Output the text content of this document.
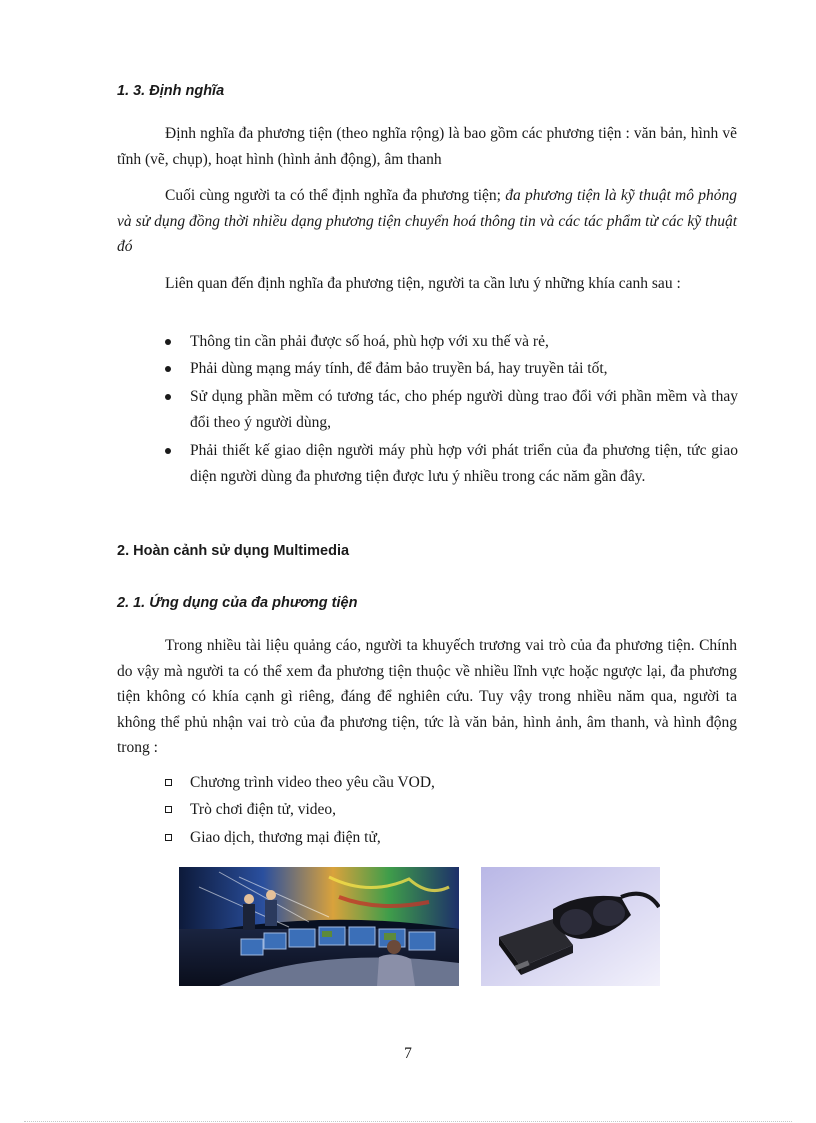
1. 3. Định nghĩa

Định nghĩa đa phương tiện (theo nghĩa rộng) là bao gồm các phương tiện : văn bản, hình vẽ tĩnh (vẽ, chụp), hoạt hình (hình ảnh động), âm thanh

Cuối cùng người ta có thể định nghĩa đa phương tiện; đa phương tiện là kỹ thuật mô phỏng và sử dụng đồng thời nhiều dạng phương tiện chuyển hoá thông tin và các tác phẩm từ các kỹ thuật đó

Liên quan đến định nghĩa đa phương tiện, người ta cần lưu ý những khía canh sau :

Thông tin cần phải được số hoá, phù hợp với xu thế và rẻ,

Phải dùng mạng máy tính, để đảm bảo truyền bá, hay truyền tải tốt,

Sử dụng phần mềm có tương tác, cho phép người dùng trao đổi với phần mềm và thay đổi theo ý người dùng,

Phải thiết kế giao diện người máy phù hợp với phát triển của đa phương tiện, tức giao diện người dùng đa phương tiện được lưu ý nhiều trong các năm gần đây.

2. Hoàn cảnh sử dụng Multimedia
2. 1. Ứng dụng của đa phương tiện

Trong nhiều tài liệu quảng cáo, người ta khuyếch trương vai trò của đa phương tiện. Chính do vậy mà người ta có thể xem đa phương tiện thuộc về nhiều lĩnh vực hoặc ngược lại, đa phương tiện không có khía cạnh gì riêng, đáng để nghiên cứu. Tuy vậy trong nhiều năm qua, người ta không thể phủ nhận vai trò của đa phương tiện, tức là văn bản, hình ảnh, âm thanh, và hình động trong :

Chương trình video theo yêu cầu VOD,

Trò chơi điện tử, video,

Giao dịch, thương mại điện tử,

7
